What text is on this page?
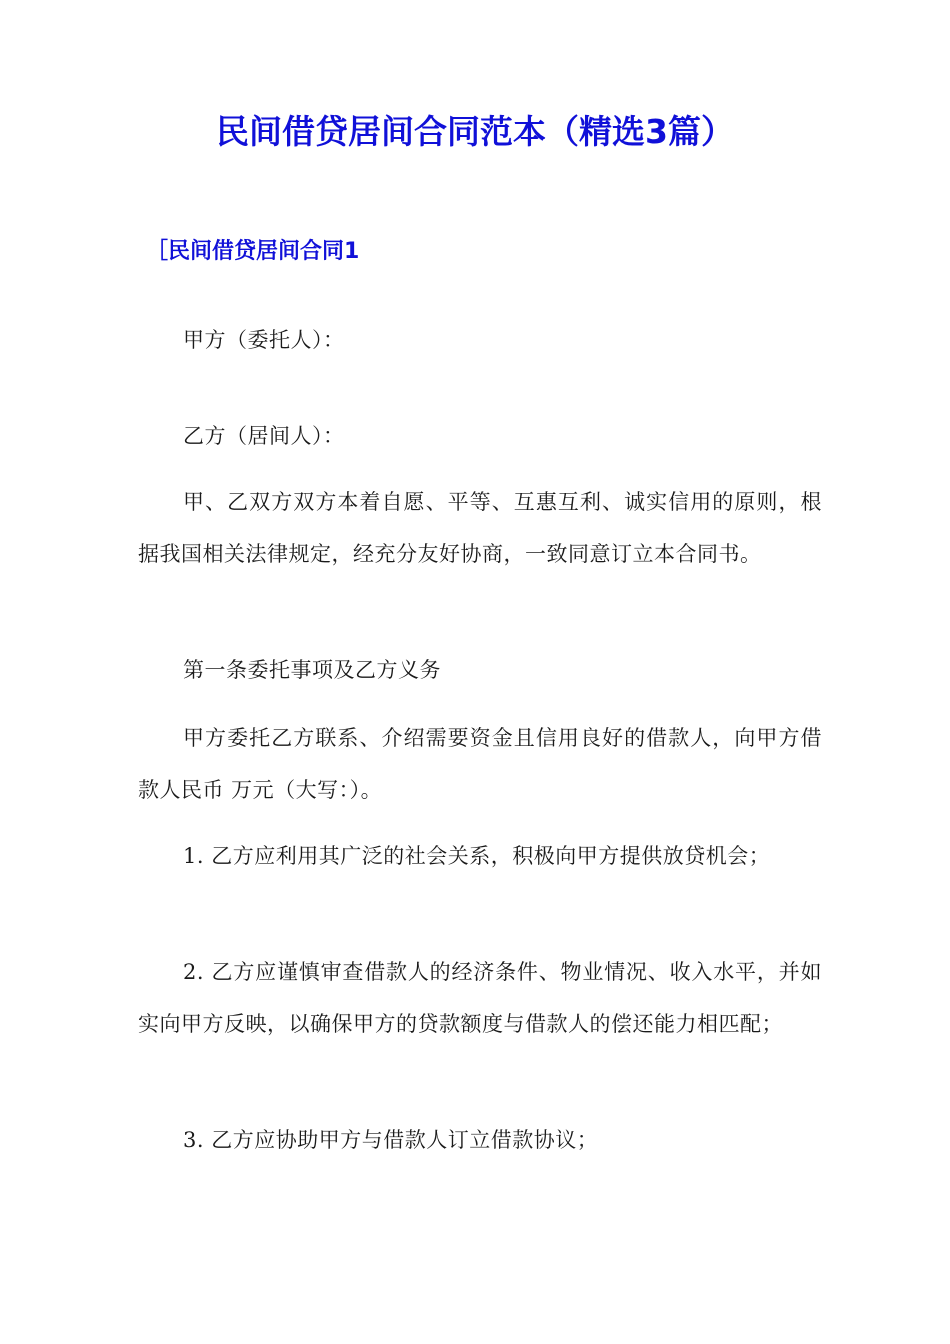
民间借贷居间合同范本（精选3篇）
［民间借贷居间合同1

甲方（委托人）：

乙方（居间人）：

甲、乙双方双方本着自愿、平等、互惠互利、诚实信用的原则，根据我国相关法律规定，经充分友好协商，一致同意订立本合同书。

第一条委托事项及乙方义务

甲方委托乙方联系、介绍需要资金且信用良好的借款人，向甲方借款人民币 万元（大写：）。

1. 乙方应利用其广泛的社会关系，积极向甲方提供放贷机会；

2. 乙方应谨慎审查借款人的经济条件、物业情况、收入水平，并如实向甲方反映，以确保甲方的贷款额度与借款人的偿还能力相匹配；

3. 乙方应协助甲方与借款人订立借款协议；
